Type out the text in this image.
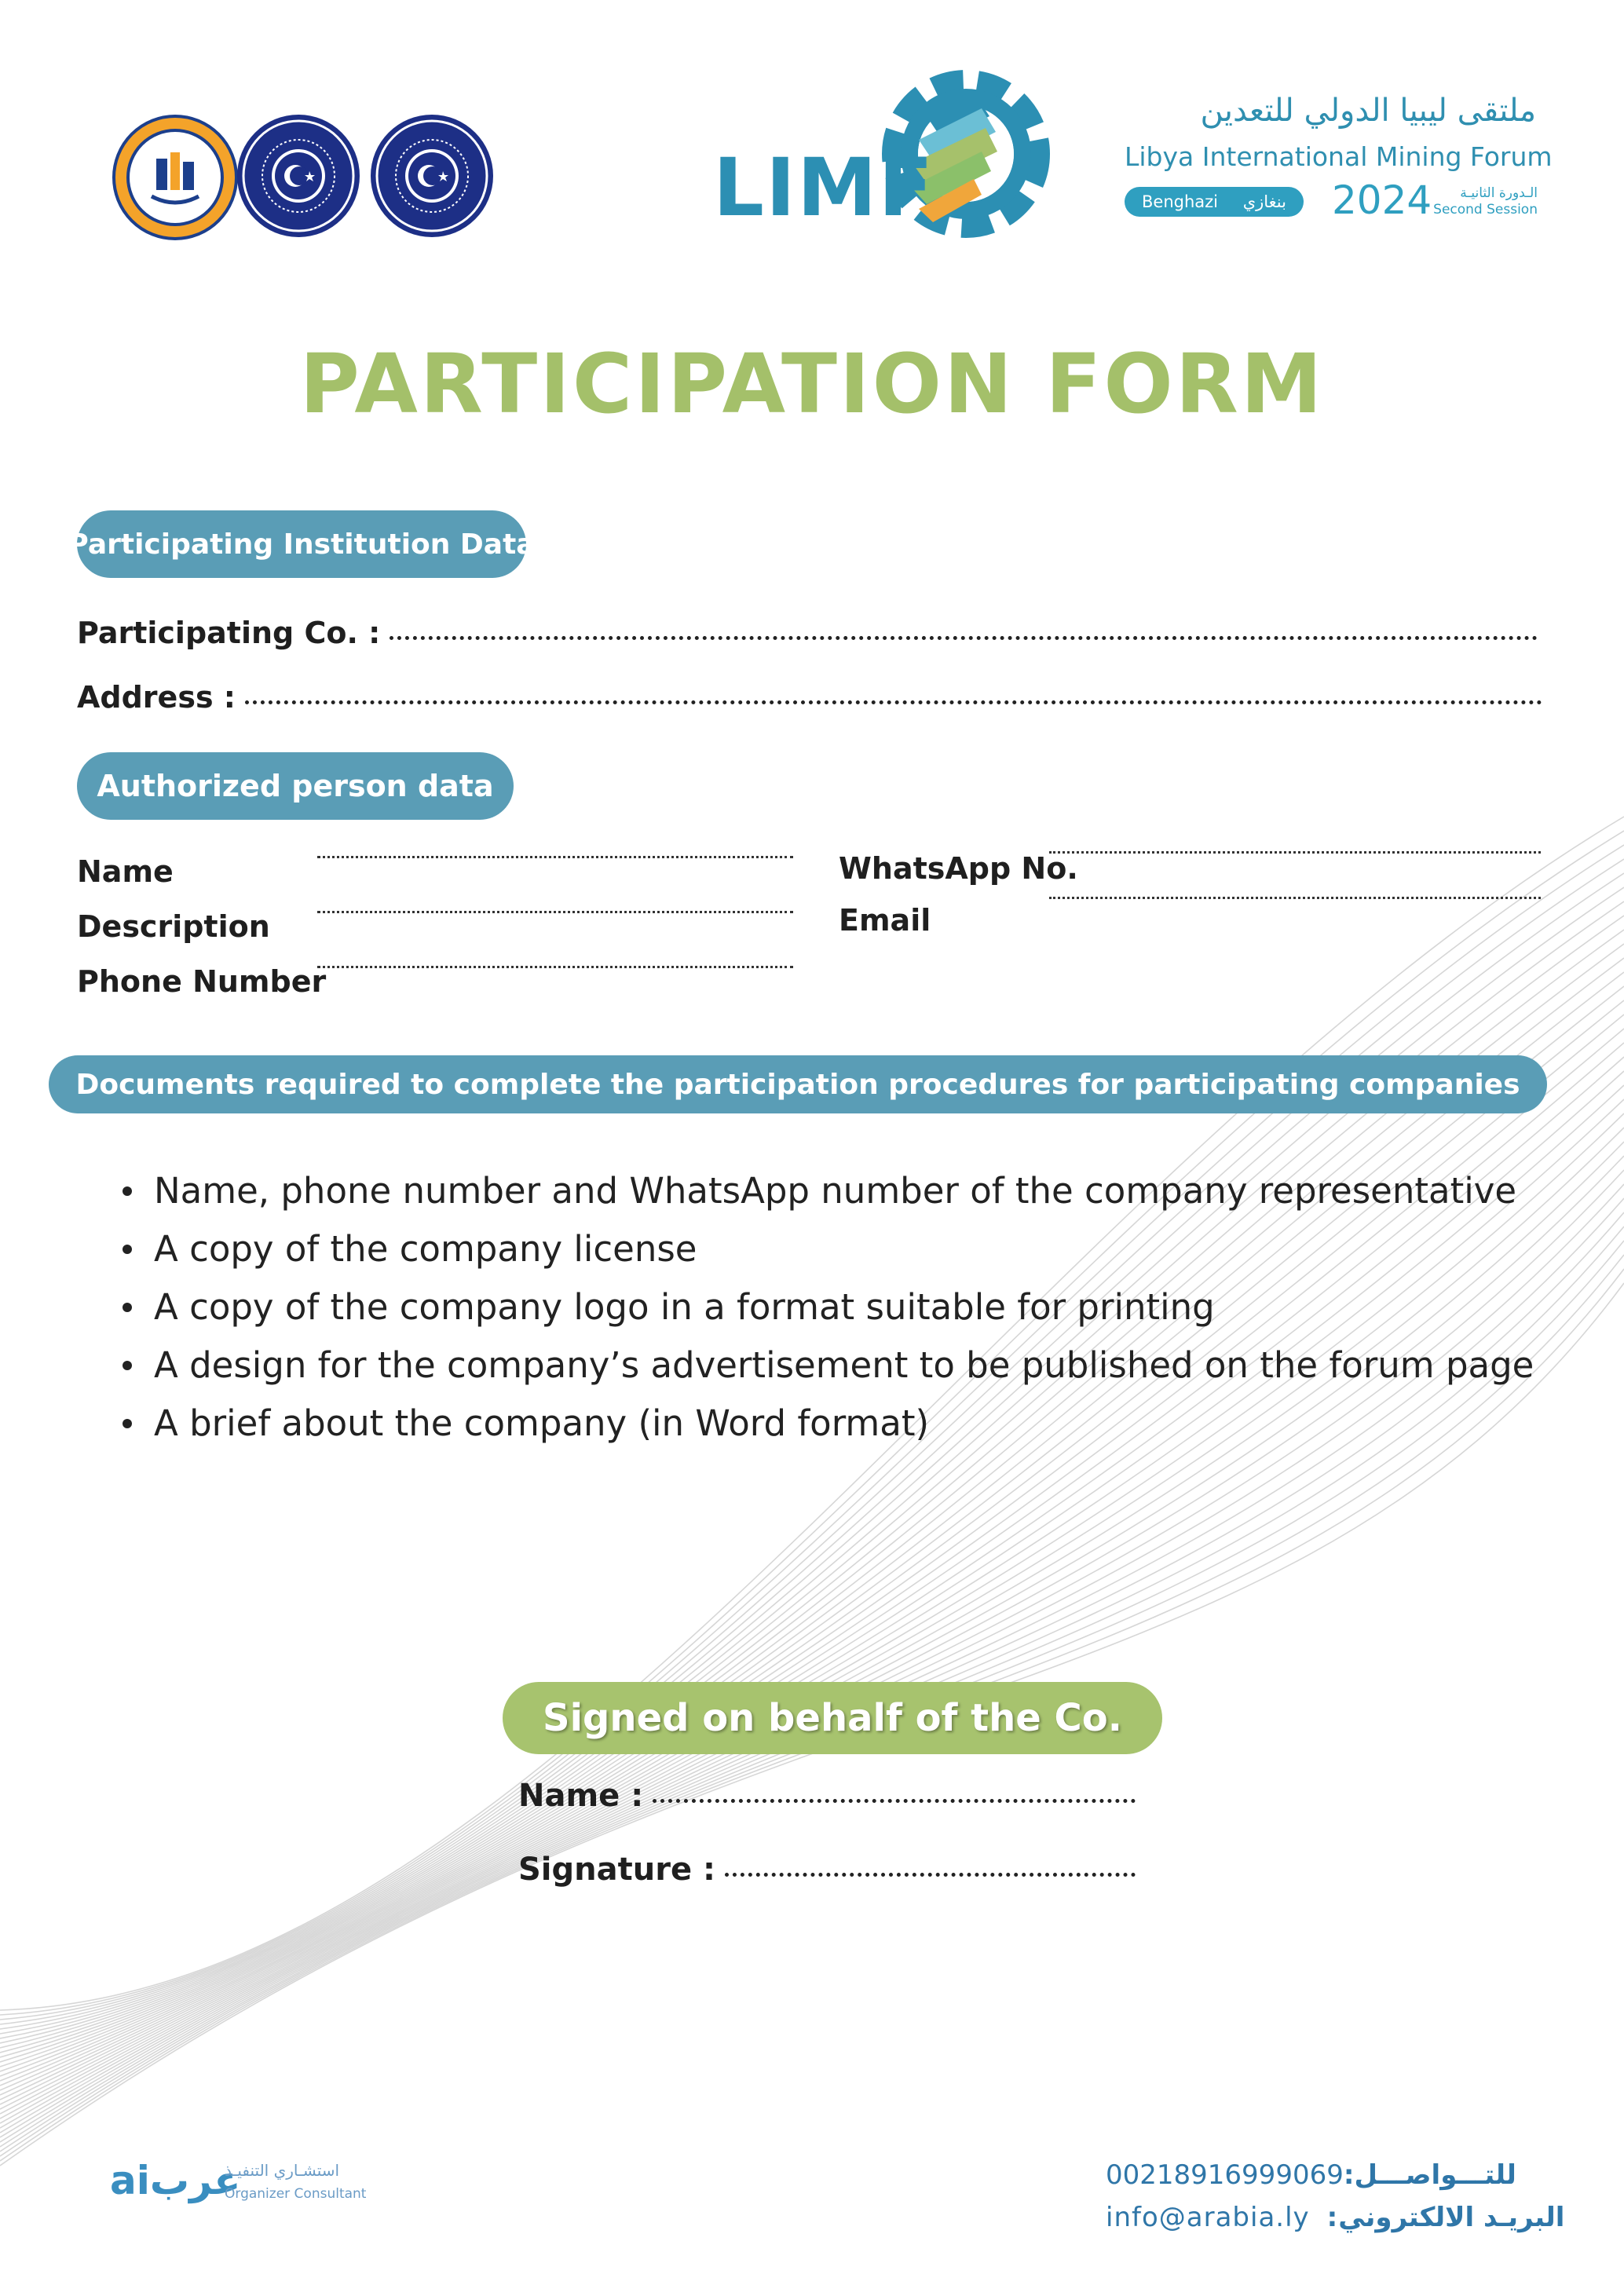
LIMF
ملتقى ليبيا الدولي للتعدين
Libya International Mining Forum
Benghazi بنغازي 2024	الـدورة الثانيـة
Second Session
PARTICIPATION FORM
Participating Institution Data
Participating Co. :
Address :
Authorized person data
Name
Description
Phone Number
WhatsApp No.
Email
Documents required to complete the participation procedures for participating companies
Name, phone number and WhatsApp number of the company representative
A copy of the company license
A copy of the company logo in a format suitable for printing
A design for the company’s advertisement to be published on the forum page
A brief about the company (in Word format)
Signed on behalf of the Co.
Name :
Signature :
aiعرب
استشـاري التنفيـذ
Organizer Consultant
00218916999069:للتـــواصـــل
info@arabia.ly :البريـد الالكتروني
